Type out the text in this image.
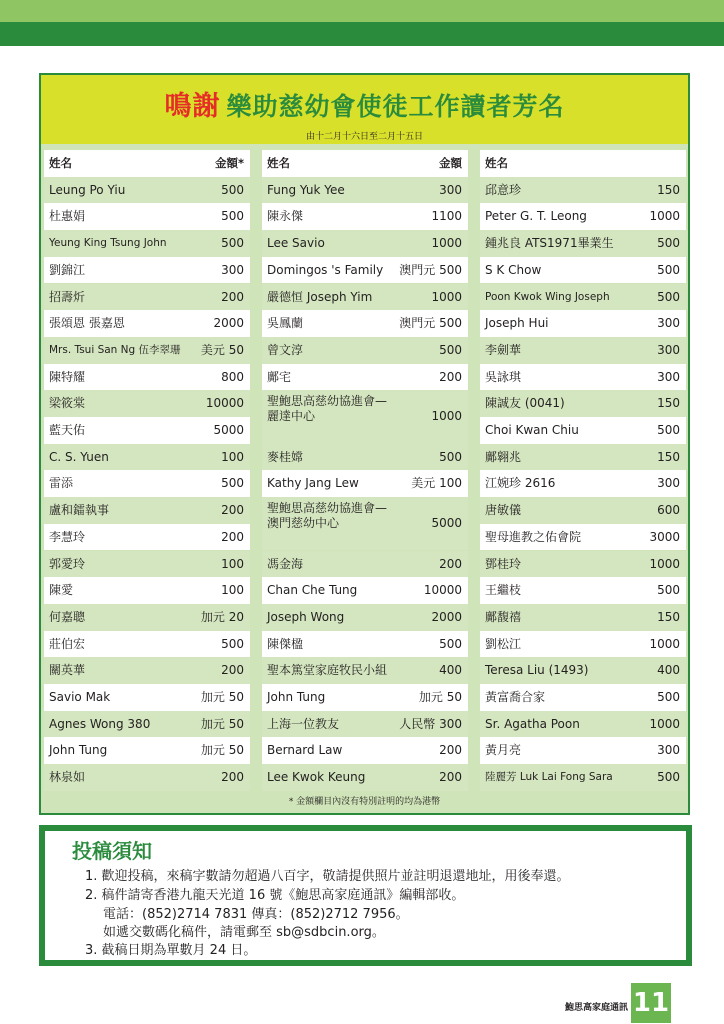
鳴謝 樂助慈幼會使徒工作讀者芳名
由十二月十六日至二月十五日
姓名	金額*
Leung Po Yiu	500
杜惠娟	500
Yeung King Tsung John	500
劉錦江	300
招壽炘	200
張頌恩 張嘉恩	2000
Mrs. Tsui San Ng 伍李翠珊 美元 50
陳特耀	800
梁筱棠	10000
藍天佑	5000
C. S. Yuen	100
雷添	500
盧和鐳執事	200
李慧玲	200
郭愛玲	100
陳愛	100
何嘉聰	加元 20
莊伯宏	500
關英華	200
Savio Mak	加元 50
Agnes Wong 380	加元 50
John Tung	加元 50
林泉如	200
姓名	金額
Fung Yuk Yee	300
陳永傑	1100
Lee Savio	1000
Domingos 's Family 澳門元 500
嚴德恒 Joseph Yim	1000
吳鳳蘭	澳門元 500
曾文淳	500
鄺宅	200
聖鮑思高慈幼協進會—
麗達中心	1000
麥桂嫦	500
Kathy Jang Lew	美元 100
聖鮑思高慈幼協進會—
澳門慈幼中心	5000
馮金海	200
Chan Che Tung	10000
Joseph Wong	2000
陳傑楹	500
聖本篤堂家庭牧民小組	400
John Tung	加元 50
上海一位教友	人民幣 300
Bernard Law	200
Lee Kwok Keung	200
姓名
邱意珍	150
Peter G. T. Leong	1000
鍾兆良 ATS1971畢業生	500
S K Chow	500
Poon Kwok Wing Joseph	500
Joseph Hui	300
李劍華	300
吳詠琪	300
陳誠友 (0041)	150
Choi Kwan Chiu	500
鄺翱兆	150
江婉珍 2616	300
唐敏儀	600
聖母進教之佑會院	3000
鄧桂玲	1000
王繼枝	500
鄺馥禧	150
劉松江	1000
Teresa Liu (1493)	400
黃富喬合家	500
Sr. Agatha Poon	1000
黃月亮	300
陸麗芳 Luk Lai Fong Sara	500
* 金額欄目內沒有特別註明的均為港幣
投稿須知
1. 歡迎投稿，來稿字數請勿超過八百字，敬請提供照片並註明退還地址，用後奉還。
2. 稿件請寄香港九龍天光道 16 號《鮑思高家庭通訊》編輯部收。
電話：(852)2714 7831 傳真：(852)2712 7956。
如遞交數碼化稿件，請電郵至 sb@sdbcin.org。
3. 截稿日期為單數月 24 日。
鮑思高家庭通訊 11
